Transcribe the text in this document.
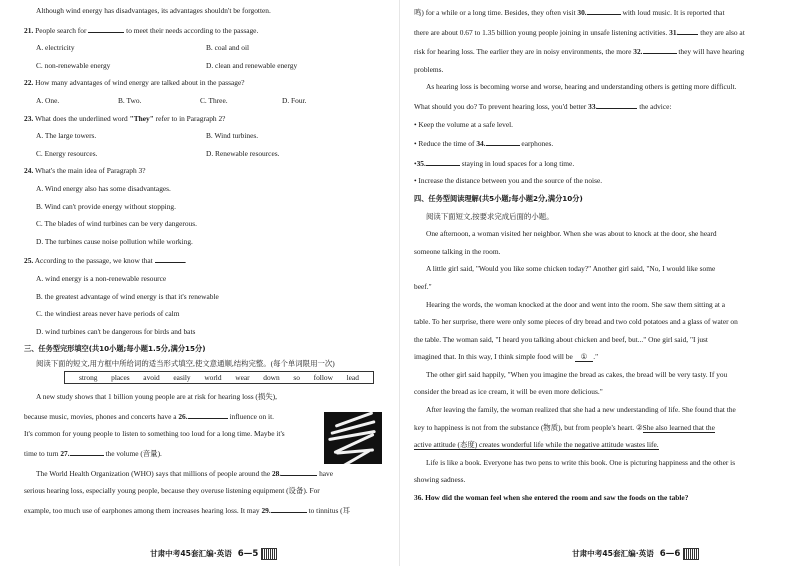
Although wind energy has disadvantages, its advantages shouldn't be forgotten.
21. People search for	to meet their needs according to the passage.
A. electricity	B. coal and oil
C. non-renewable energy	D. clean and renewable energy
22. How many advantages of wind energy are talked about in the passage?
A. One.	B. Two.	C. Three.	D. Four.
23. What does the underlined word "They" refer to in Paragraph 2?
A. The large towers.	B. Wind turbines.
C. Energy resources.	D. Renewable resources.
24. What's the main idea of Paragraph 3?
A. Wind energy also has some disadvantages.
B. Wind can't provide energy without stopping.
C. The blades of wind turbines can be very dangerous.
D. The turbines cause noise pollution while working.
25. According to the passage, we know that	.
A. wind energy is a non-renewable resource
B. the greatest advantage of wind energy is that it's renewable
C. the windiest areas never have periods of calm
D. wind turbines can't be dangerous for birds and bats
三、任务型完形填空(共10小题;每小题1.5分,满分15分)
阅读下面的短文,用方框中所给词的适当形式填空,使文意通顺,结构完整。(每个单词限用一次)
strong places avoid easily world wear down so follow lead
A new study shows that 1 billion young people are at risk for hearing loss (损失),
because music, movies, phones and concerts have a 26.	influence on it.
It's common for young people to listen to something too loud for a long time. Maybe it's
time to turn 27.	the volume (音量).
The World Health Organization (WHO) says that millions of people around the 28.	have
serious hearing loss, especially young people, because they overuse listening equipment (设备). For
example, too much use of earphones among them increases hearing loss. It may 29.	to tinnitus (耳
甘肃中考45套汇编·英语 6—5
鸣) for a while or a long time. Besides, they often visit 30.	with loud music. It is reported that
there are about 0.67 to 1.35 billion young people joining in unsafe listening activities. 31.	they are also at
risk for hearing loss. The earlier they are in noisy environments, the more 32.	they will have hearing
problems.
As hearing loss is becoming worse and worse, hearing and understanding others is getting more difficult.
What should you do? To prevent hearing loss, you'd better 33.	the advice:
• Keep the volume at a safe level.
• Reduce the time of 34.	earphones.
•35.	staying in loud spaces for a long time.
• Increase the distance between you and the source of the noise.
四、任务型阅读理解(共5小题;每小题2分,满分10分)
阅读下面短文,按要求完成后面的小题。
One afternoon, a woman visited her neighbor. When she was about to knock at the door, she heard
someone talking in the room.
A little girl said, "Would you like some chicken today?" Another girl said, "No, I would like some
beef."
Hearing the words, the woman knocked at the door and went into the room. She saw them sitting at a
table. To her surprise, there were only some pieces of dry bread and two cold potatoes and a glass of water on
the table. The woman said, "I heard you talking about chicken and beef, but..." One girl said, "I just
imagined that. In this way, I think simple food will be ① ."
The other girl said happily, "When you imagine the bread as cakes, the bread will be very tasty. If you
consider the bread as ice cream, it will be even more delicious."
After leaving the family, the woman realized that she had a new understanding of life. She found that the
key to happiness is not from the substance (物质), but from people's heart. ②She also learned that the
active attitude (态度) creates wonderful life while the negative attitude wastes life.
Life is like a book. Everyone has two pens to write this book. One is picturing happiness and the other is
showing sadness.
36. How did the woman feel when she entered the room and saw the foods on the table?
甘肃中考45套汇编·英语 6—6
